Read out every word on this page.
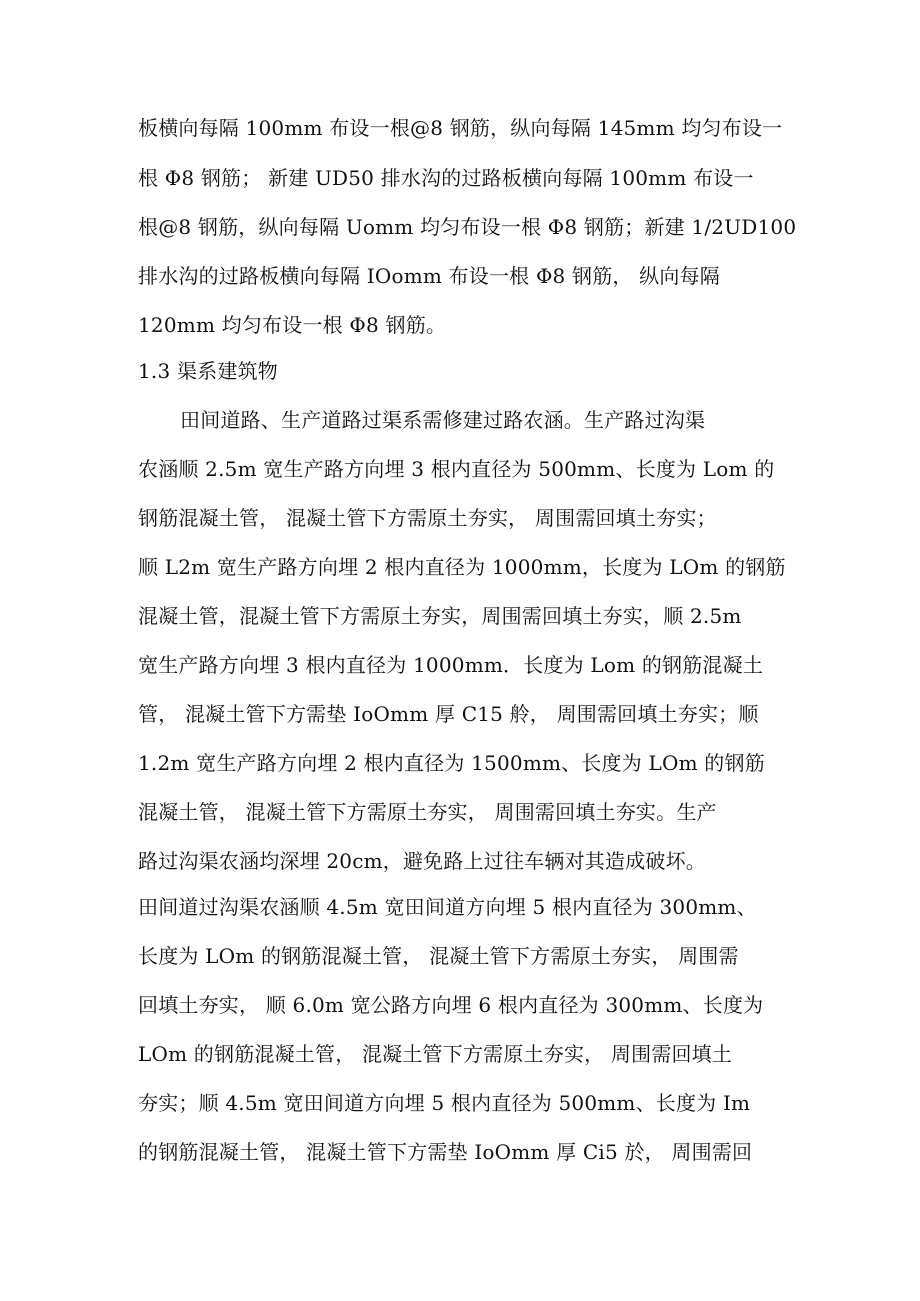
板横向每隔 100mm 布设一根@8 钢筋，纵向每隔 145mm 均匀布设一
根 Φ8 钢筋； 新建 UD50 排水沟的过路板横向每隔 100mm 布设一
根@8 钢筋，纵向每隔 Uomm 均匀布设一根 Φ8 钢筋；新建 1/2UD100
排水沟的过路板横向每隔 IOomm 布设一根 Φ8 钢筋， 纵向每隔
120mm 均匀布设一根 Φ8 钢筋。
1.3 渠系建筑物
田间道路、生产道路过渠系需修建过路农涵。生产路过沟渠
农涵顺 2.5m 宽生产路方向埋 3 根内直径为 500mm、长度为 Lom 的
钢筋混凝土管， 混凝土管下方需原土夯实， 周围需回填土夯实；
顺 L2m 宽生产路方向埋 2 根内直径为 1000mm，长度为 LOm 的钢筋
混凝土管，混凝土管下方需原土夯实，周围需回填土夯实，顺 2.5m
宽生产路方向埋 3 根内直径为 1000mm．长度为 Lom 的钢筋混凝土
管， 混凝土管下方需垫 IoOmm 厚 C15 舲， 周围需回填土夯实；顺
1.2m 宽生产路方向埋 2 根内直径为 1500mm、长度为 LOm 的钢筋
混凝土管， 混凝土管下方需原土夯实， 周围需回填土夯实。生产
路过沟渠农涵均深埋 20cm，避免路上过往车辆对其造成破坏。
田间道过沟渠农涵顺 4.5m 宽田间道方向埋 5 根内直径为 300mm、
长度为 LOm 的钢筋混凝土管， 混凝土管下方需原土夯实， 周围需
回填土夯实， 顺 6.0m 宽公路方向埋 6 根内直径为 300mm、长度为
LOm 的钢筋混凝土管， 混凝土管下方需原土夯实， 周围需回填土
夯实；顺 4.5m 宽田间道方向埋 5 根内直径为 500mm、长度为 Im
的钢筋混凝土管， 混凝土管下方需垫 IoOmm 厚 Ci5 於， 周围需回
